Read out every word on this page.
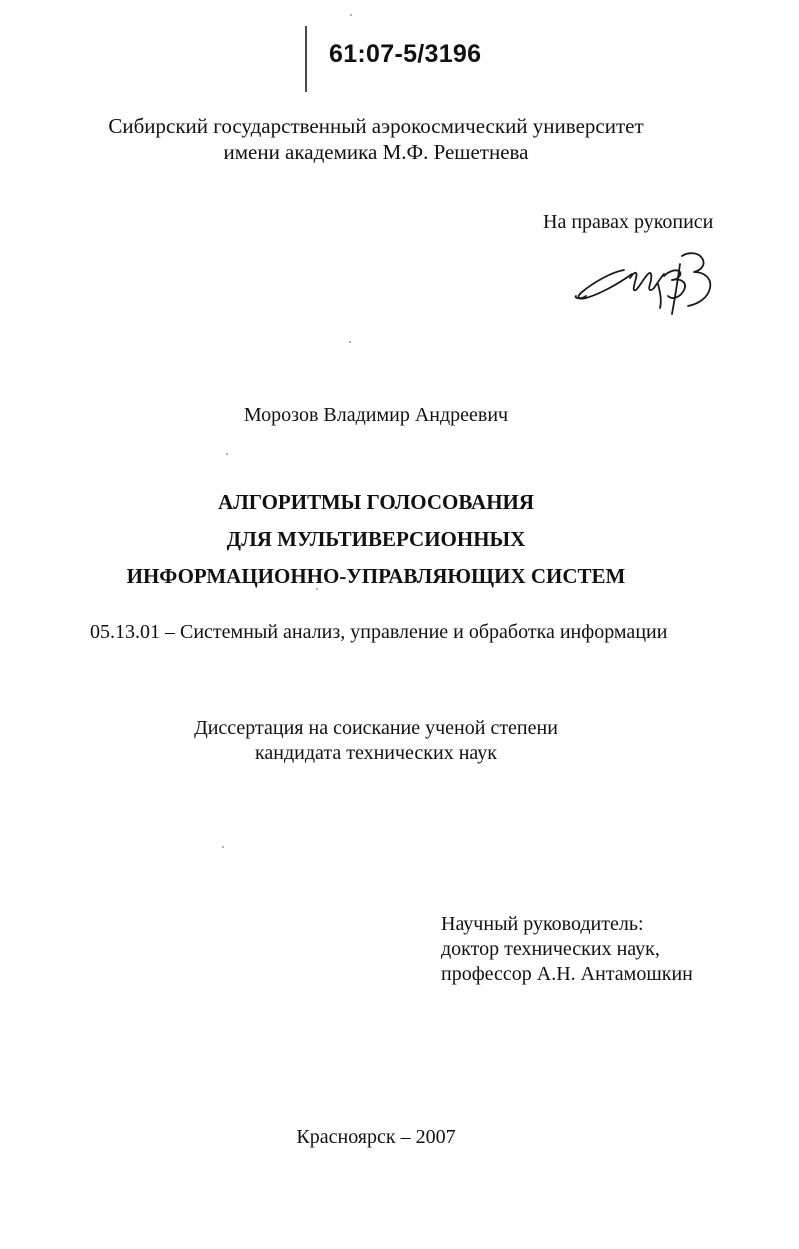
61:07-5/3196
Сибирский государственный аэрокосмический университет
имени академика М.Ф. Решетнева
На правах рукописи
Морозов Владимир Андреевич
АЛГОРИТМЫ ГОЛОСОВАНИЯ
ДЛЯ МУЛЬТИВЕРСИОННЫХ
ИНФОРМАЦИОННО-УПРАВЛЯЮЩИХ СИСТЕМ
05.13.01 – Системный анализ, управление и обработка информации
Диссертация на соискание ученой степени
кандидата технических наук
Научный руководитель:
доктор технических наук,
профессор А.Н. Антамошкин
Красноярск – 2007
